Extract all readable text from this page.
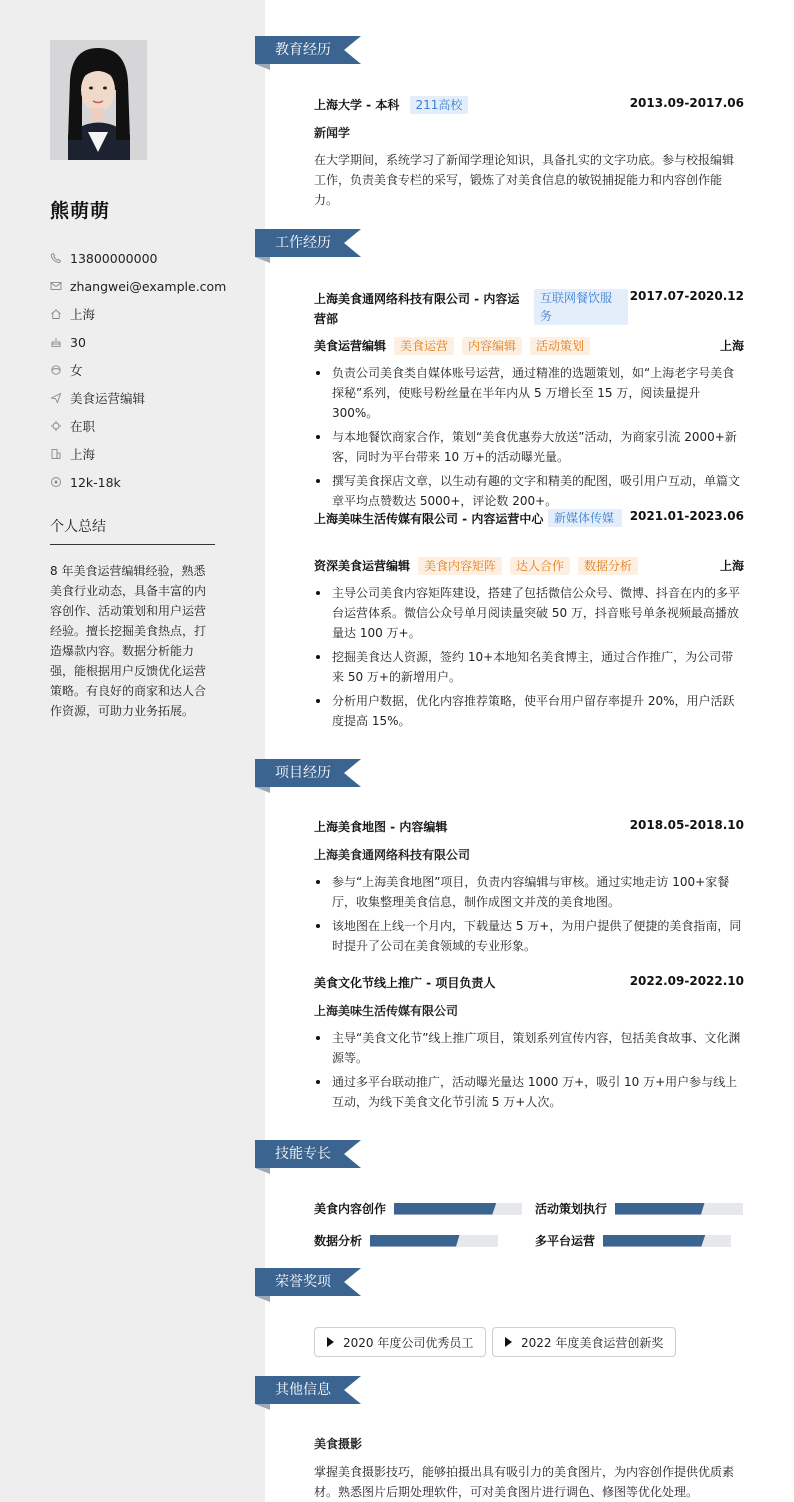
熊萌萌
13800000000
zhangwei@example.com
上海
30
女
美食运营编辑
在职
上海
12k-18k
个人总结
8 年美食运营编辑经验，熟悉美食行业动态，具备丰富的内容创作、活动策划和用户运营经验。擅长挖掘美食热点，打造爆款内容。数据分析能力强，能根据用户反馈优化运营策略。有良好的商家和达人合作资源，可助力业务拓展。
教育经历
上海大学 - 本科 211高校	2013.09-2017.06
新闻学
在大学期间，系统学习了新闻学理论知识，具备扎实的文字功底。参与校报编辑工作，负责美食专栏的采写，锻炼了对美食信息的敏锐捕捉能力和内容创作能力。
工作经历
上海美食通网络科技有限公司 - 内容运营部
互联网餐饮服务
2017.07-2020.12
美食运营编辑 美食运营 内容编辑 活动策划	上海
负责公司美食类自媒体账号运营，通过精准的选题策划，如“上海老字号美食探秘”系列，使账号粉丝量在半年内从 5 万增长至 15 万，阅读量提升 300%。
与本地餐饮商家合作，策划“美食优惠券大放送”活动，为商家引流 2000+新客，同时为平台带来 10 万+的活动曝光量。
撰写美食探店文章，以生动有趣的文字和精美的配图，吸引用户互动，单篇文章平均点赞数达 5000+，评论数 200+。
上海美味生活传媒有限公司 - 内容运营中心 新媒体传媒	2021.01-2023.06
资深美食运营编辑 美食内容矩阵 达人合作 数据分析	上海
主导公司美食内容矩阵建设，搭建了包括微信公众号、微博、抖音在内的多平台运营体系。微信公众号单月阅读量突破 50 万，抖音账号单条视频最高播放量达 100 万+。
挖掘美食达人资源，签约 10+本地知名美食博主，通过合作推广，为公司带来 50 万+的新增用户。
分析用户数据，优化内容推荐策略，使平台用户留存率提升 20%，用户活跃度提高 15%。
项目经历
上海美食地图 - 内容编辑	2018.05-2018.10
上海美食通网络科技有限公司
参与“上海美食地图”项目，负责内容编辑与审核。通过实地走访 100+家餐厅，收集整理美食信息，制作成图文并茂的美食地图。
该地图在上线一个月内，下载量达 5 万+，为用户提供了便捷的美食指南，同时提升了公司在美食领域的专业形象。
美食文化节线上推广 - 项目负责人	2022.09-2022.10
上海美味生活传媒有限公司
主导“美食文化节”线上推广项目，策划系列宣传内容，包括美食故事、文化渊源等。
通过多平台联动推广，活动曝光量达 1000 万+，吸引 10 万+用户参与线上互动，为线下美食文化节引流 5 万+人次。
技能专长
美食内容创作	活动策划执行
数据分析	多平台运营
荣誉奖项
2020 年度公司优秀员工	2022 年度美食运营创新奖
其他信息
美食摄影
掌握美食摄影技巧，能够拍摄出具有吸引力的美食图片，为内容创作提供优质素材。熟悉图片后期处理软件，可对美食图片进行调色、修图等优化处理。
